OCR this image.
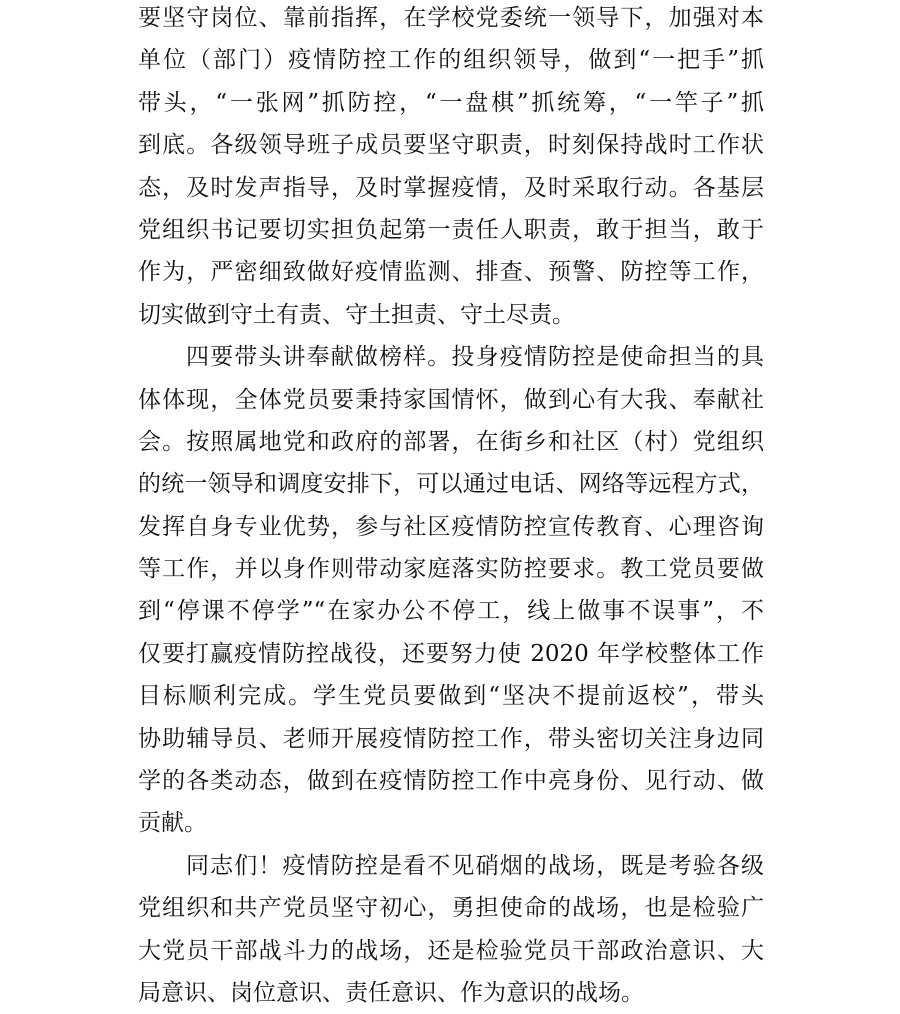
要坚守岗位、靠前指挥，在学校党委统一领导下，加强对本
单位（部门）疫情防控工作的组织领导，做到“一把手”抓
带头，“一张网”抓防控，“一盘棋”抓统筹，“一竿子”抓
到底。各级领导班子成员要坚守职责，时刻保持战时工作状
态，及时发声指导，及时掌握疫情，及时采取行动。各基层
党组织书记要切实担负起第一责任人职责，敢于担当，敢于
作为，严密细致做好疫情监测、排查、预警、防控等工作，
切实做到守土有责、守土担责、守土尽责。
四要带头讲奉献做榜样。投身疫情防控是使命担当的具
体体现，全体党员要秉持家国情怀，做到心有大我、奉献社
会。按照属地党和政府的部署，在街乡和社区（村）党组织
的统一领导和调度安排下，可以通过电话、网络等远程方式，
发挥自身专业优势，参与社区疫情防控宣传教育、心理咨询
等工作，并以身作则带动家庭落实防控要求。教工党员要做
到“停课不停学”“在家办公不停工，线上做事不误事”，不
仅要打赢疫情防控战役，还要努力使 2020 年学校整体工作
目标顺利完成。学生党员要做到“坚决不提前返校”，带头
协助辅导员、老师开展疫情防控工作，带头密切关注身边同
学的各类动态，做到在疫情防控工作中亮身份、见行动、做
贡献。
同志们！疫情防控是看不见硝烟的战场，既是考验各级
党组织和共产党员坚守初心，勇担使命的战场，也是检验广
大党员干部战斗力的战场，还是检验党员干部政治意识、大
局意识、岗位意识、责任意识、作为意识的战场。
